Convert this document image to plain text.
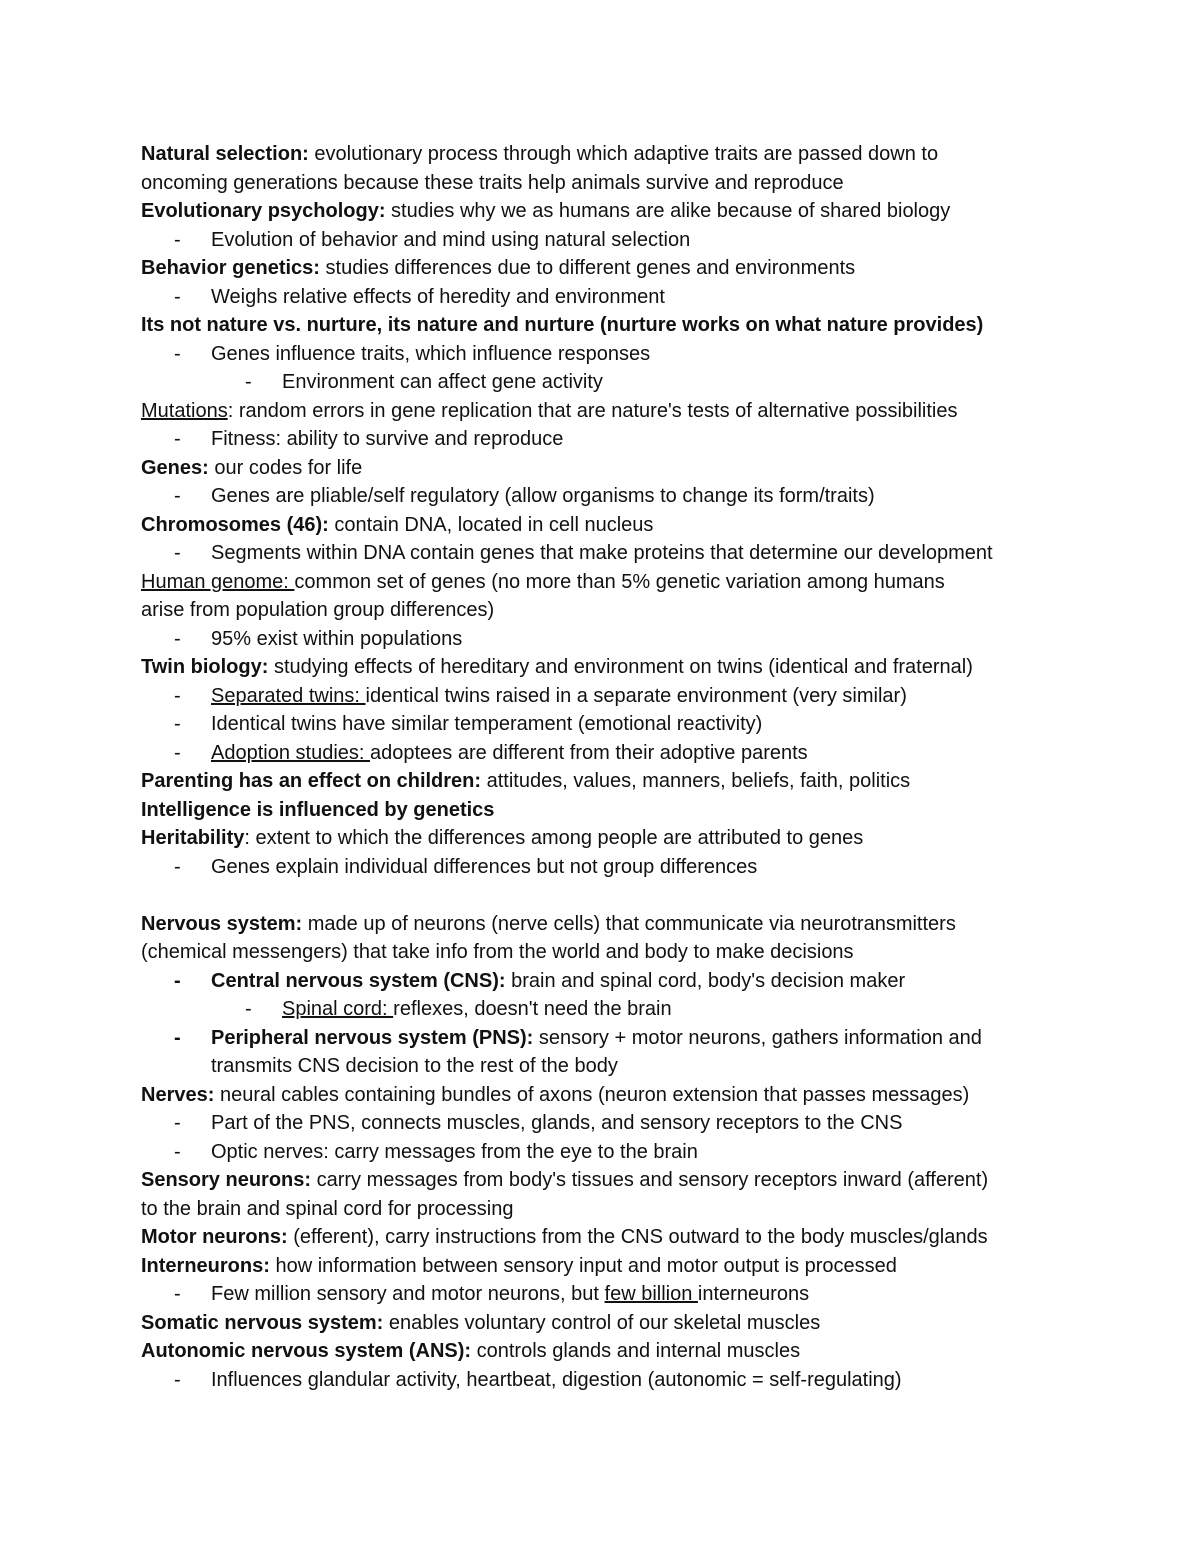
Natural selection: evolutionary process through which adaptive traits are passed down to
oncoming generations because these traits help animals survive and reproduce
Evolutionary psychology: studies why we as humans are alike because of shared biology
-	Evolution of behavior and mind using natural selection
Behavior genetics: studies differences due to different genes and environments
-	Weighs relative effects of heredity and environment
Its not nature vs. nurture, its nature and nurture (nurture works on what nature provides)
-	Genes influence traits, which influence responses
-	Environment can affect gene activity
Mutations: random errors in gene replication that are nature's tests of alternative possibilities
-	Fitness: ability to survive and reproduce
Genes: our codes for life
-	Genes are pliable/self regulatory (allow organisms to change its form/traits)
Chromosomes (46): contain DNA, located in cell nucleus
-	Segments within DNA contain genes that make proteins that determine our development
Human genome: common set of genes (no more than 5% genetic variation among humans
arise from population group differences)
-	95% exist within populations
Twin biology: studying effects of hereditary and environment on twins (identical and fraternal)
-	Separated twins: identical twins raised in a separate environment (very similar)
-	Identical twins have similar temperament (emotional reactivity)
-	Adoption studies: adoptees are different from their adoptive parents
Parenting has an effect on children: attitudes, values, manners, beliefs, faith, politics
Intelligence is influenced by genetics
Heritability: extent to which the differences among people are attributed to genes
-	Genes explain individual differences but not group differences
Nervous system: made up of neurons (nerve cells) that communicate via neurotransmitters
(chemical messengers) that take info from the world and body to make decisions
-	Central nervous system (CNS): brain and spinal cord, body's decision maker
-	Spinal cord: reflexes, doesn't need the brain
-	Peripheral nervous system (PNS): sensory + motor neurons, gathers information and
transmits CNS decision to the rest of the body
Nerves: neural cables containing bundles of axons (neuron extension that passes messages)
-	Part of the PNS, connects muscles, glands, and sensory receptors to the CNS
-	Optic nerves: carry messages from the eye to the brain
Sensory neurons: carry messages from body's tissues and sensory receptors inward (afferent)
to the brain and spinal cord for processing
Motor neurons: (efferent), carry instructions from the CNS outward to the body muscles/glands
Interneurons: how information between sensory input and motor output is processed
-	Few million sensory and motor neurons, but few billion interneurons
Somatic nervous system: enables voluntary control of our skeletal muscles
Autonomic nervous system (ANS): controls glands and internal muscles
-	Influences glandular activity, heartbeat, digestion (autonomic = self-regulating)
